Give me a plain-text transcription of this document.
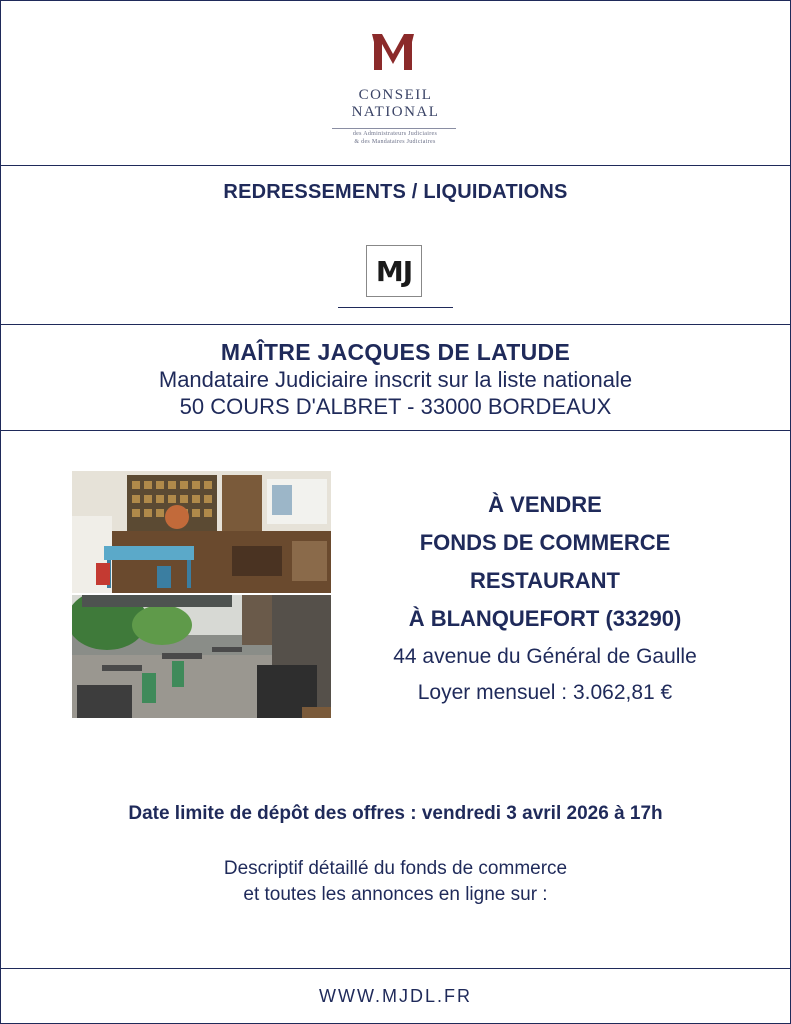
CONSEIL
NATIONAL
des Administrateurs Judiciaires
& des Mandataires Judiciaires
REDRESSEMENTS / LIQUIDATIONS
MJ
MAÎTRE JACQUES DE LATUDE
Mandataire Judiciaire inscrit sur la liste nationale
50 COURS D'ALBRET - 33000 BORDEAUX
À VENDRE
FONDS DE COMMERCE
RESTAURANT
À BLANQUEFORT (33290)
44 avenue du Général de Gaulle
Loyer mensuel : 3.062,81 €
Date limite de dépôt des offres : vendredi 3 avril 2026 à 17h
Descriptif détaillé du fonds de commerce
et toutes les annonces en ligne sur :
WWW.MJDL.FR
